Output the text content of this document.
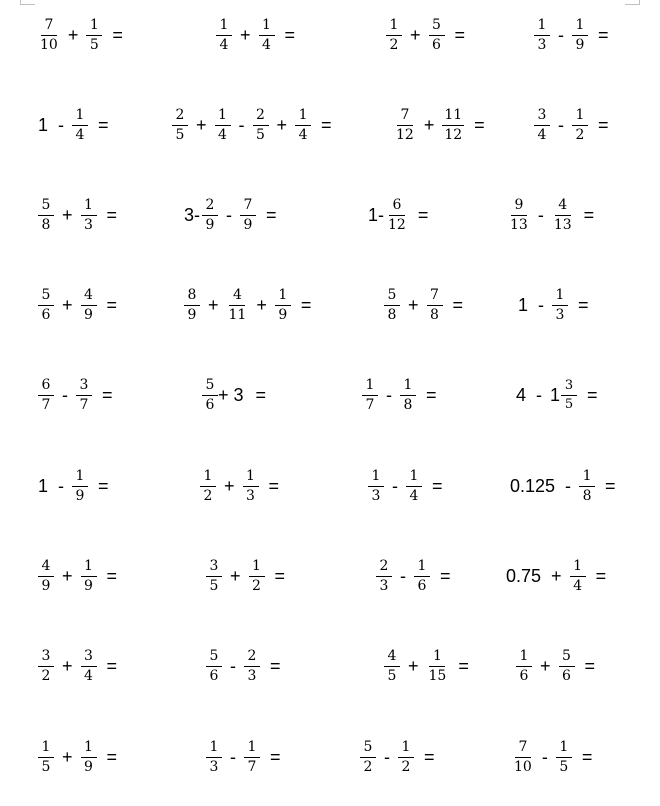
$\frac{7}{10} + \frac{1}{5}$ =	$\frac{1}{4} + \frac{1}{4}$ =	$\frac{1}{2} + \frac{5}{6}$ =	$\frac{1}{3} - \frac{1}{9}$ =
$1 - \frac{1}{4}$ =	$\frac{2}{5} + \frac{1}{4} - \frac{2}{5} + \frac{1}{4}$ =	$\frac{7}{12} + \frac{11}{12}$ =	$\frac{3}{4} - \frac{1}{2}$ =
$\frac{5}{8} + \frac{1}{3}$ =	$3- \frac{2}{9} - \frac{7}{9}$ =	$1- \frac{6}{12}$ =	$\frac{9}{13} - \frac{4}{13}$ =
$\frac{5}{6} + \frac{4}{9}$ =	$\frac{8}{9} + \frac{4}{11} + \frac{1}{9}$ =	$\frac{5}{8} + \frac{7}{8}$ =	$1 - \frac{1}{3}$ =
$\frac{6}{7} - \frac{3}{7}$ =	$\frac{5}{6} + 3$ =	$\frac{1}{7} - \frac{1}{8}$ =	$4 - 1 \frac{3}{5}$ =
$1 - \frac{1}{9}$ =	$\frac{1}{2} + \frac{1}{3}$ =	$\frac{1}{3} - \frac{1}{4}$ =	$0.125 - \frac{1}{8}$ =
$\frac{4}{9} + \frac{1}{9}$ =	$\frac{3}{5} + \frac{1}{2}$ =	$\frac{2}{3} - \frac{1}{6}$ =	$0.75 + \frac{1}{4}$ =
$\frac{3}{2} + \frac{3}{4}$ =	$\frac{5}{6} - \frac{2}{3}$ =	$\frac{4}{5} + \frac{1}{15}$ =	$\frac{1}{6} + \frac{5}{6}$ =
$\frac{1}{5} + \frac{1}{9}$ =	$\frac{1}{3} - \frac{1}{7}$ =	$\frac{5}{2} - \frac{1}{2}$ =	$\frac{7}{10} - \frac{1}{5}$ =
